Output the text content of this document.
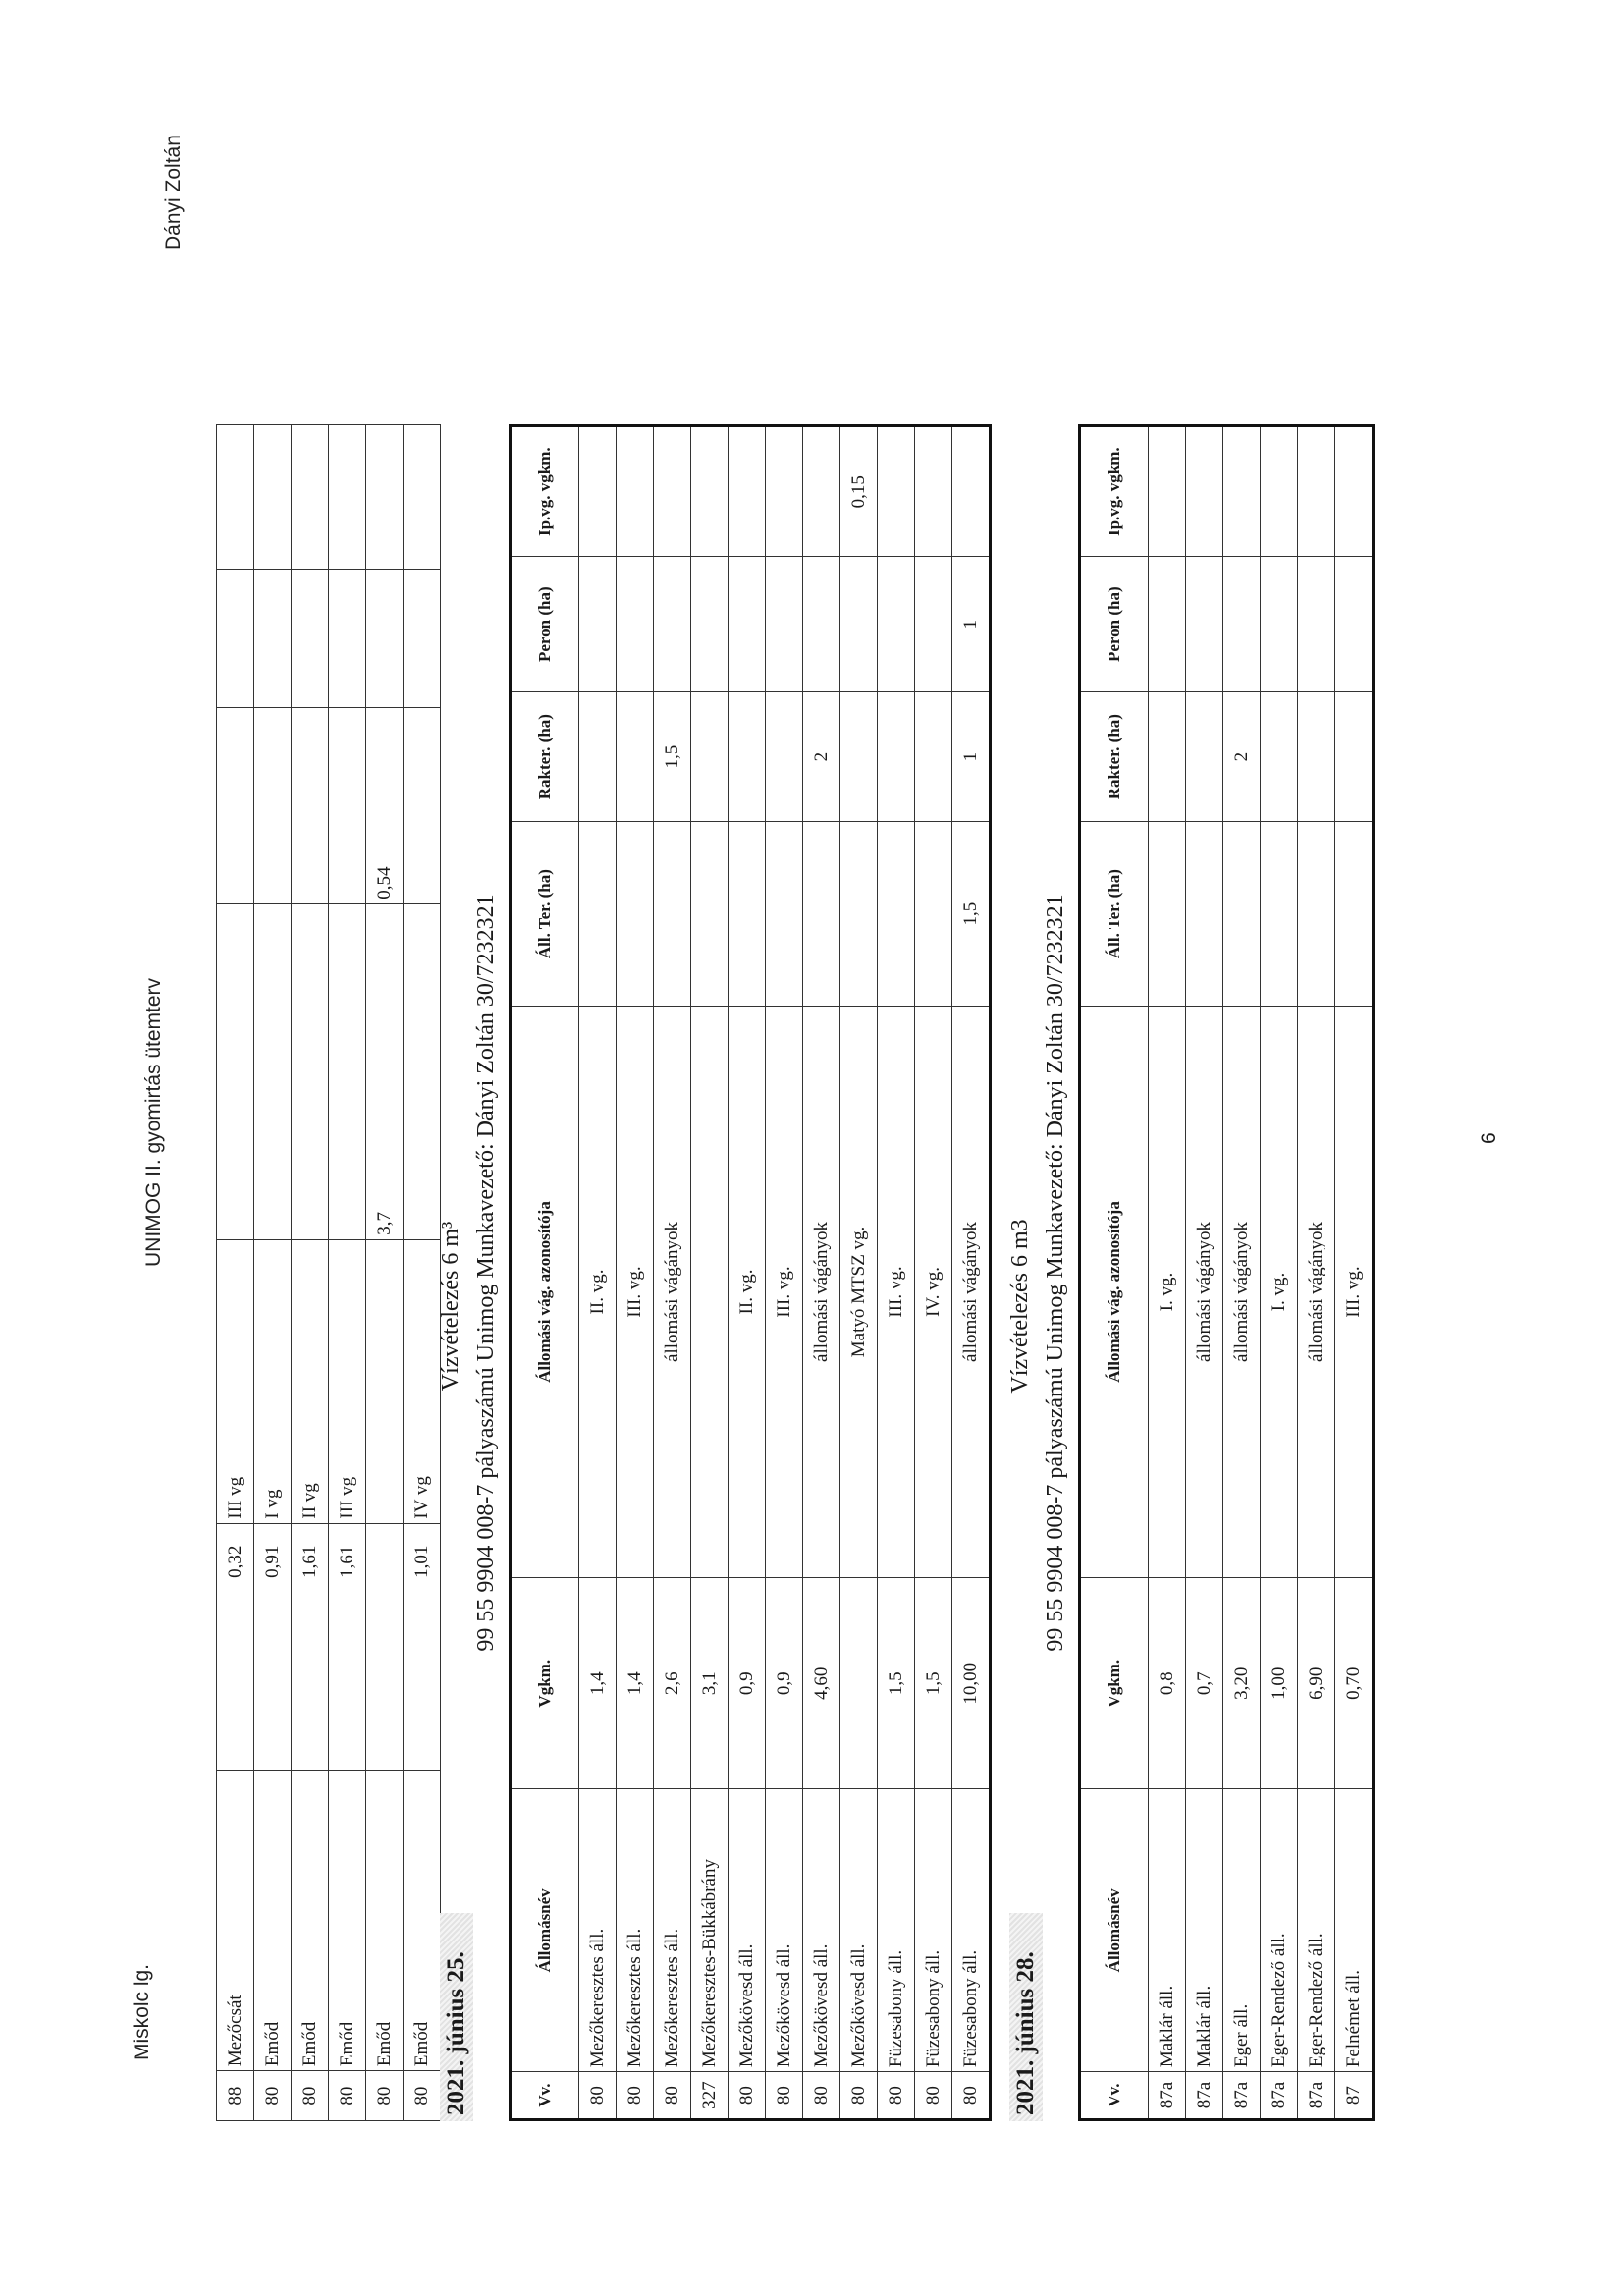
Miskolc lg.
UNIMOG II. gyomirtás ütemterv
Dányi Zoltán
6
88	Mezőcsát	0,32	III vg				
80	Emőd	0,91	I vg				
80	Emőd	1,61	II vg				
80	Emőd	1,61	III vg				
80	Emőd			3,7	0,54		
80	Emőd	1,01	IV vg				
2021. június 25.
Vízvételezés 6 m³ 99 55 9904 008-7 pályaszámú Unimog Munkavezető: Dányi Zoltán 30/7232321
Vv.	Állomásnév	Vgkm.	Állomási vág. azonosítója	Áll. Ter. (ha)	Rakter. (ha)	Peron (ha)	Ip.vg. vgkm.
80	Mezőkeresztes áll.	1,4	II. vg.				
80	Mezőkeresztes áll.	1,4	III. vg.				
80	Mezőkeresztes áll.	2,6	állomási vágányok		1,5		
327	Mezőkeresztes-Bükkábrány	3,1					
80	Mezőkövesd áll.	0,9	II. vg.				
80	Mezőkövesd áll.	0,9	III. vg.				
80	Mezőkövesd áll.	4,60	állomási vágányok		2		
80	Mezőkövesd áll.		Matyó MTSZ vg.				0,15
80	Füzesabony áll.	1,5	III. vg.				
80	Füzesabony áll.	1,5	IV. vg.				
80	Füzesabony áll.	10,00	állomási vágányok	1,5	1	1	
2021. június 28.
Vízvételezés 6 m3 99 55 9904 008-7 pályaszámú Unimog Munkavezető: Dányi Zoltán 30/7232321
Vv.	Állomásnév	Vgkm.	Állomási vág. azonosítója	Áll. Ter. (ha)	Rakter. (ha)	Peron (ha)	Ip.vg. vgkm.
87a	Maklár áll.	0,8	I. vg.				
87a	Maklár áll.	0,7	állomási vágányok				
87a	Eger áll.	3,20	állomási vágányok		2		
87a	Eger-Rendező áll.	1,00	I. vg.				
87a	Eger-Rendező áll.	6,90	állomási vágányok				
87	Felnémet áll.	0,70	III. vg.				
